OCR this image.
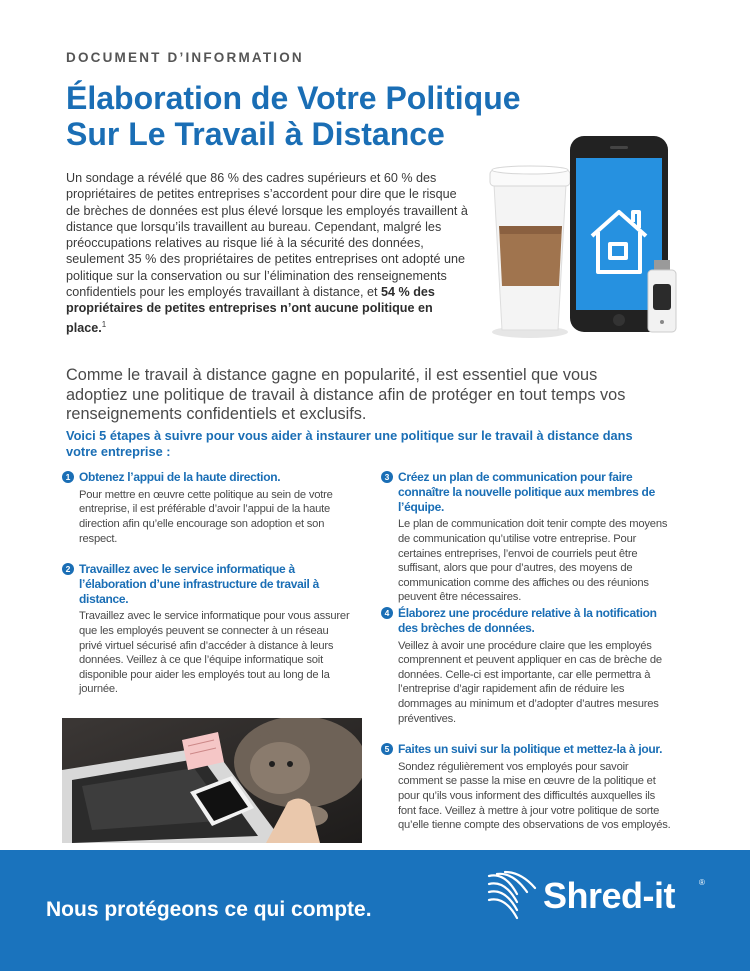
DOCUMENT D’INFORMATION
Élaboration de Votre Politique
Sur Le Travail à Distance

Un sondage a révélé que 86 % des cadres supérieurs et 60 % des propriétaires de petites entreprises s’accordent pour dire que le risque de brèches de données est plus élevé lorsque les employés travaillent à distance que lorsqu’ils travaillent au bureau. Cependant, malgré les préoccupations relatives au risque lié à la sécurité des données, seulement 35 % des propriétaires de petites entreprises ont adopté une politique sur la conservation ou sur l’élimination des renseignements confidentiels pour les employés travaillant à distance, et 54 % des propriétaires de petites entreprises n’ont aucune politique en place.$^1$

Comme le travail à distance gagne en popularité, il est essentiel que vous adoptiez une politique de travail à distance afin de protéger en tout temps vos renseignements confidentiels et exclusifs.

Voici 5 étapes à suivre pour vous aider à instaurer une politique sur le travail à distance dans votre entreprise :

1 Obtenez l’appui de la haute direction.

Pour mettre en œuvre cette politique au sein de votre entreprise, il est préférable d’avoir l’appui de la haute direction afin qu’elle encourage son adoption et son respect.

2 Travaillez avec le service informatique à l’élaboration d’une infrastructure de travail à distance.

Travaillez avec le service informatique pour vous assurer que les employés peuvent se connecter à un réseau privé virtuel sécurisé afin d’accéder à distance à leurs données. Veillez à ce que l’équipe informatique soit disponible pour aider les employés tout au long de la journée.

3 Créez un plan de communication pour faire connaître la nouvelle politique aux membres de l’équipe.

Le plan de communication doit tenir compte des moyens de communication qu’utilise votre entreprise. Pour certaines entreprises, l’envoi de courriels peut être suffisant, alors que pour d’autres, des moyens de communication comme des affiches ou des réunions peuvent être nécessaires.

4 Élaborez une procédure relative à la notification des brèches de données.

Veillez à avoir une procédure claire que les employés comprennent et peuvent appliquer en cas de brèche de données. Celle-ci est importante, car elle permettra à l’entreprise d’agir rapidement afin de réduire les dommages au minimum et d’adopter d’autres mesures préventives.

5 Faites un suivi sur la politique et mettez-la à jour.

Sondez régulièrement vos employés pour savoir comment se passe la mise en œuvre de la politique et pour qu’ils vous informent des difficultés auxquelles ils font face. Veillez à mettre à jour votre politique de sorte qu’elle tienne compte des observations de vos employés.

Nous protégeons ce qui compte.	Shred-it	®
